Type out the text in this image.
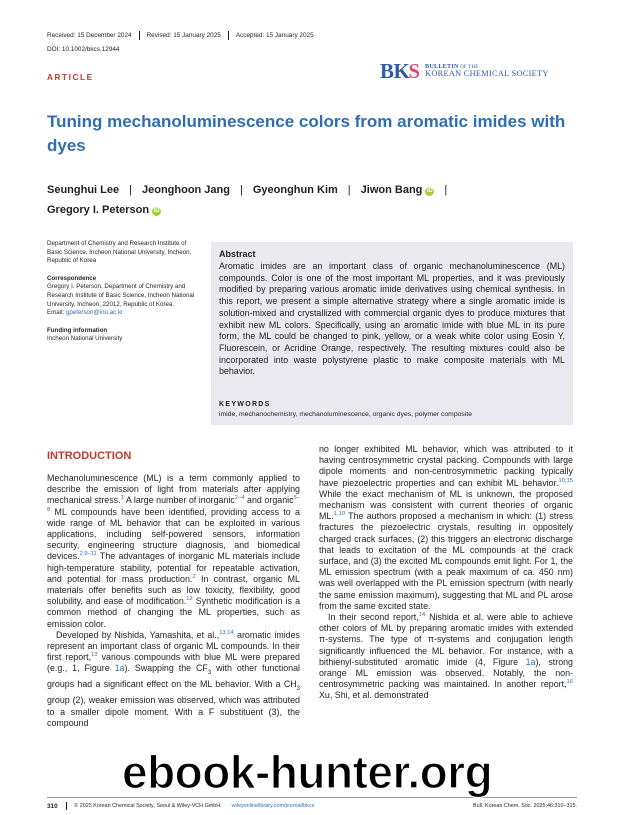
Received: 15 December 2024 Revised: 15 January 2025 Accepted: 15 January 2025
DOI: 10.1002/bkcs.12944
ARTICLE	BK S BULLETIN OF THE
KOREAN CHEMICAL SOCIETY
Tuning mechanoluminescence colors from aromatic imides with dyes
Seunghui Lee | Jeonghoon Jang | Gyeonghun Kim | Jiwon Bang iD |
Gregory I. Peterson iD
Department of Chemistry and Research Institute of Basic Science, Incheon National University, Incheon, Republic of Korea
Correspondence
Gregory I. Peterson, Department of Chemistry and Research Institute of Basic Science, Incheon National University, Incheon, 22012, Republic of Korea.
Email: gpeterson@inu.ac.kr
Funding information
Incheon National University
Abstract
Aromatic imides are an important class of organic mechanoluminescence (ML) compounds. Color is one of the most important ML properties, and it was previously modified by preparing various aromatic imide derivatives using chemical synthesis. In this report, we present a simple alternative strategy where a single aromatic imide is solution-mixed and crystallized with commercial organic dyes to produce mixtures that exhibit new ML colors. Specifically, using an aromatic imide with blue ML in its pure form, the ML could be changed to pink, yellow, or a weak white color using Eosin Y, Fluorescein, or Acridine Orange, respectively. The resulting mixtures could also be incorporated into waste polystyrene plastic to make composite materials with ML behavior.
KEYWORDS
imide, mechanochemistry, mechanoluminescence, organic dyes, polymer composite
INTRODUCTION

Mechanoluminescence (ML) is a term commonly applied to describe the emission of light from materials after applying mechanical stress.$^1$ A large number of inorganic$^{2-4}$ and organic$^{5-8}$ ML compounds have been identified, providing access to a wide range of ML behavior that can be exploited in various applications, including self-powered sensors, information security, engineering structure diagnosis, and biomedical devices.$^{2,9-11}$ The advantages of inorganic ML materials include high-temperature stability, potential for repeatable activation, and potential for mass production.$^2$ In contrast, organic ML materials offer benefits such as low toxicity, flexibility, good solubility, and ease of modification.$^{12}$ Synthetic modification is a common method of changing the ML properties, such as emission color.

Developed by Nishida, Yamashita, et al.,$^{13,14}$ aromatic imides represent an important class of organic ML compounds. In their first report,$^{13}$ various compounds with blue ML were prepared (e.g., 1, Figure 1a). Swapping the $CF_3$ with other functional groups had a significant effect on the ML behavior. With a $CH_3$ group (2), weaker emission was observed, which was attributed to a smaller dipole moment. With a F substituent (3), the compound

no longer exhibited ML behavior, which was attributed to it having centrosymmetric crystal packing. Compounds with large dipole moments and non-centrosymmetric packing typically have piezoelectric properties and can exhibit ML behavior.$^{10,15}$ While the exact mechanism of ML is unknown, the proposed mechanism was consistent with current theories of organic ML.$^{1,10}$ The authors proposed a mechanism in which: (1) stress fractures the piezoelectric crystals, resulting in oppositely charged crack surfaces, (2) this triggers an electronic discharge that leads to excitation of the ML compounds at the crack surface, and (3) the excited ML compounds emit light. For 1, the ML emission spectrum (with a peak maximum of ca. 450 nm) was well overlapped with the PL emission spectrum (with nearly the same emission maximum), suggesting that ML and PL arose from the same excited state.

In their second report,$^{14}$ Nishida et al. were able to achieve other colors of ML by preparing aromatic imides with extended π-systems. The type of π-systems and conjugation length significantly influenced the ML behavior. For instance, with a bithienyl-substituted aromatic imide (4, Figure 1a), strong orange ML emission was observed. Notably, the non-centrosymmetric packing was maintained. In another report,$^{16}$ Xu, Shi, et al. demonstrated

310	© 2025 Korean Chemical Society, Seoul & Wiley-VCH GmbH. wileyonlinelibrary.com/journal/bkcs	Bull. Korean Chem. Soc. 2025;46:310–315.
ebook-hunter.org
